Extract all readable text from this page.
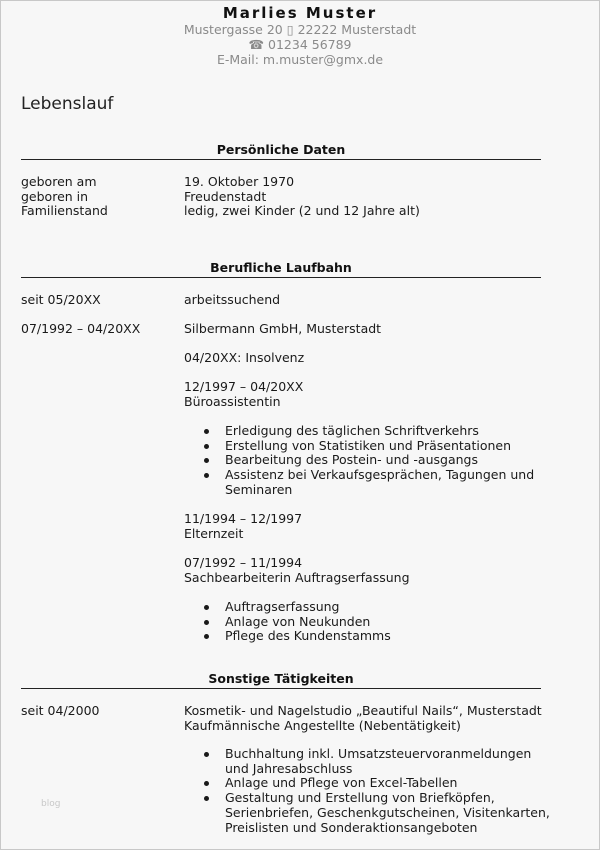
Marlies Muster
Mustergasse 20 ▯ 22222 Musterstadt
☎ 01234 56789
E-Mail: m.muster@gmx.de
Lebenslauf
Persönliche Daten
geboren am	19. Oktober 1970
geboren in	Freudenstadt
Familienstand	ledig, zwei Kinder (2 und 12 Jahre alt)
Berufliche Laufbahn
seit 05/20XX	arbeitssuchend
07/1992 – 04/20XX	Silbermann GmbH, Musterstadt
04/20XX: Insolvenz
12/1997 – 04/20XX
Büroassistentin
Erledigung des täglichen Schriftverkehrs
Erstellung von Statistiken und Präsentationen
Bearbeitung des Postein- und -ausgangs
Assistenz bei Verkaufsgesprächen, Tagungen und
Seminaren
11/1994 – 12/1997
Elternzeit
07/1992 – 11/1994
Sachbearbeiterin Auftragserfassung
Auftragserfassung
Anlage von Neukunden
Pflege des Kundenstamms
Sonstige Tätigkeiten
seit 04/2000	Kosmetik- und Nagelstudio „Beautiful Nails“, Musterstadt
Kaufmännische Angestellte (Nebentätigkeit)
Buchhaltung inkl. Umsatzsteuervoranmeldungen
und Jahresabschluss
Anlage und Pflege von Excel-Tabellen
Gestaltung und Erstellung von Briefköpfen,
Serienbriefen, Geschenkgutscheinen, Visitenkarten,
Preislisten und Sonderaktionsangeboten
blog
